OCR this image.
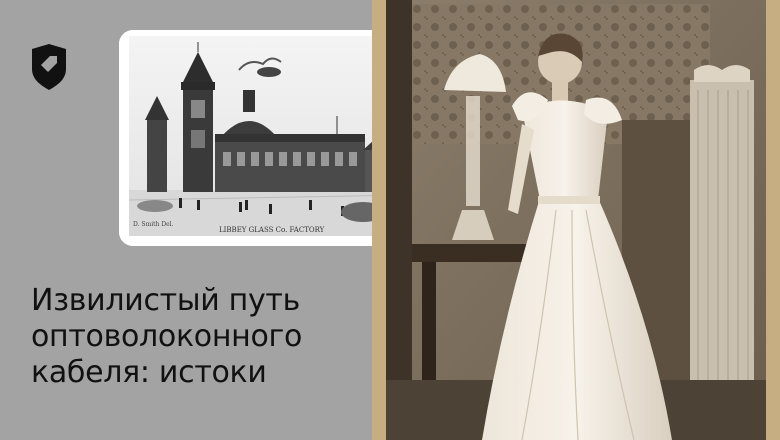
LIBBEY GLASS Co. FACTORY
D. Smith Del.
Извилистый путь
оптоволоконного
кабеля: истоки
